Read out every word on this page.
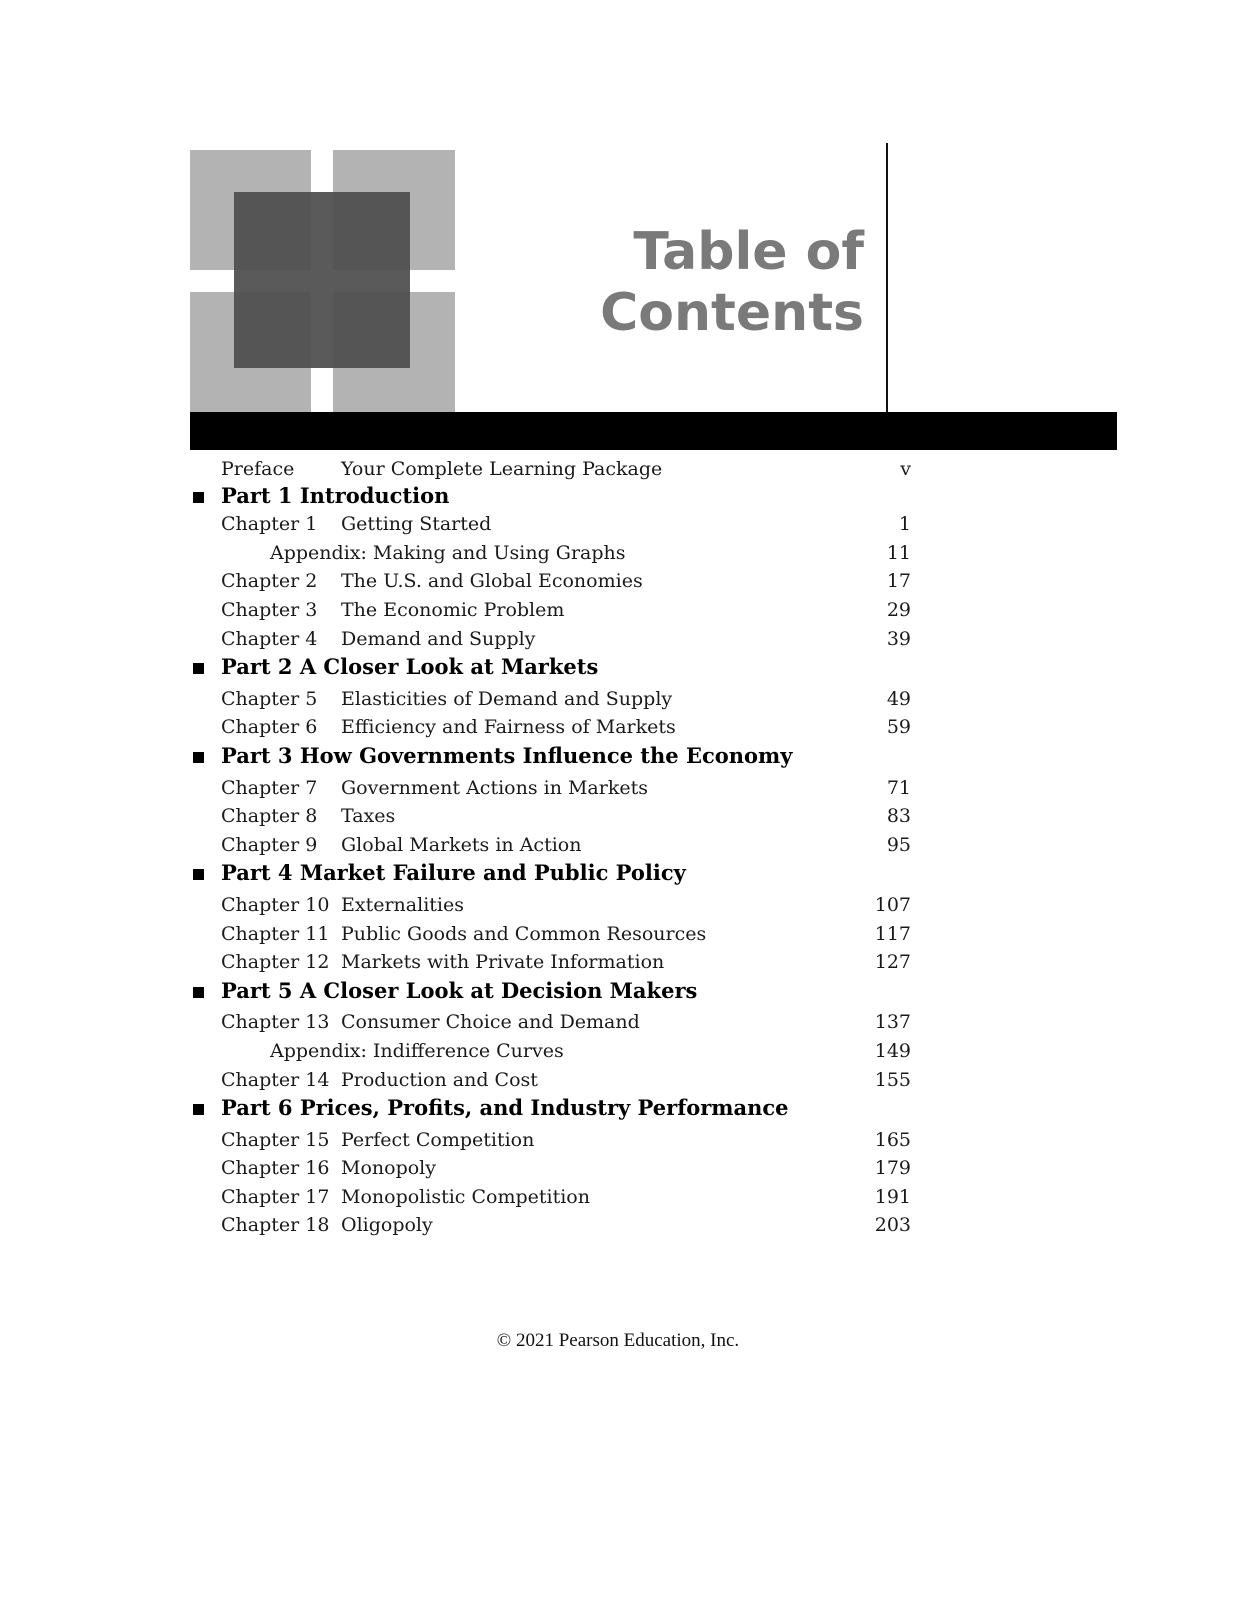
Table of
Contents
Preface Your Complete Learning Package	v
Part 1 Introduction
Chapter 1 Getting Started	1
Appendix: Making and Using Graphs	11
Chapter 2 The U.S. and Global Economies	17
Chapter 3 The Economic Problem	29
Chapter 4 Demand and Supply	39
Part 2 A Closer Look at Markets
Chapter 5 Elasticities of Demand and Supply	49
Chapter 6 Efficiency and Fairness of Markets	59
Part 3 How Governments Influence the Economy
Chapter 7 Government Actions in Markets	71
Chapter 8 Taxes	83
Chapter 9 Global Markets in Action	95
Part 4 Market Failure and Public Policy
Chapter 10 Externalities	107
Chapter 11 Public Goods and Common Resources	117
Chapter 12 Markets with Private Information	127
Part 5 A Closer Look at Decision Makers
Chapter 13 Consumer Choice and Demand	137
Appendix: Indifference Curves	149
Chapter 14 Production and Cost	155
Part 6 Prices, Profits, and Industry Performance
Chapter 15 Perfect Competition	165
Chapter 16 Monopoly	179
Chapter 17 Monopolistic Competition	191
Chapter 18 Oligopoly	203
© 2021 Pearson Education, Inc.
